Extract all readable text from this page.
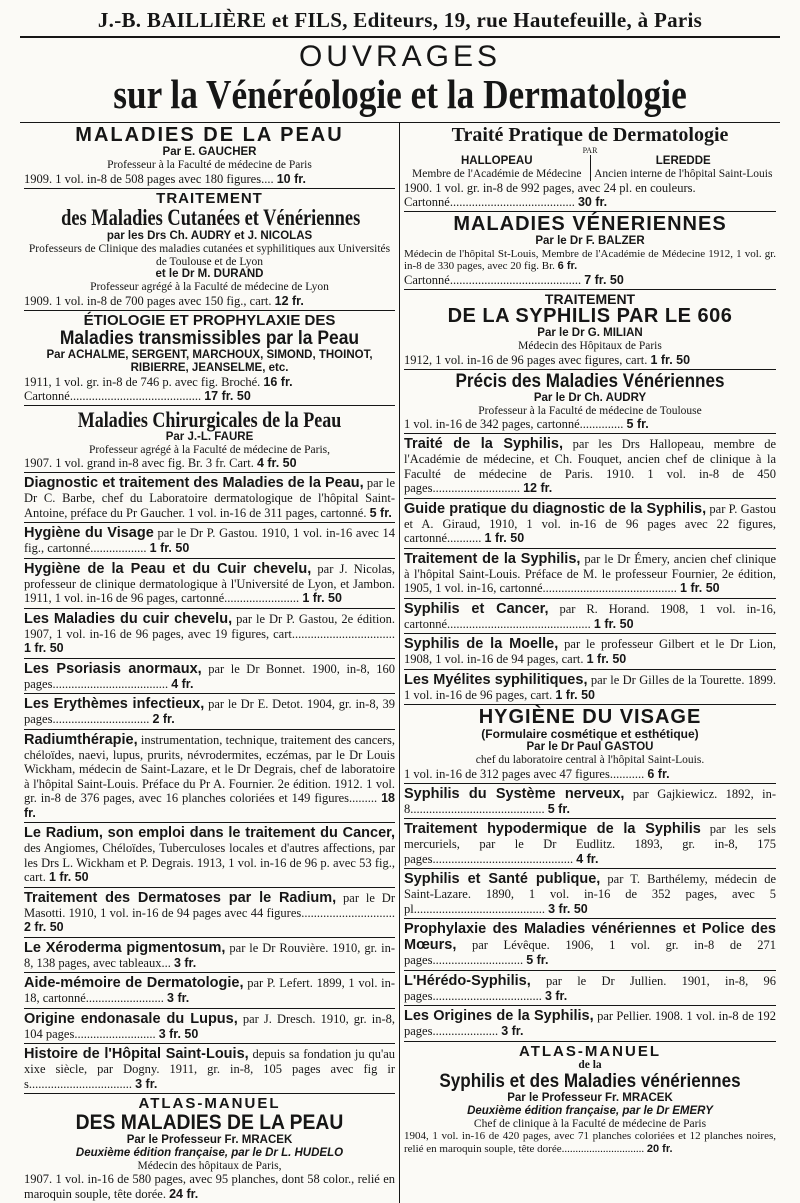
J.-B. BAILLIÈRE et FILS, Editeurs, 19, rue Hautefeuille, à Paris
OUVRAGES
sur la Vénéréologie et la Dermatologie
MALADIES DE LA PEAU
Par E. GAUCHER
Professeur à la Faculté de médecine de Paris
1909. 1 vol. in-8 de 508 pages avec 180 figures.... 10 fr.
TRAITEMENT
des Maladies Cutanées et Vénériennes
par les Drs Ch. AUDRY et J. NICOLAS
Professeurs de Clinique des maladies cutanées et syphilitiques aux Universités de Toulouse et de Lyon
et le Dr M. DURAND
Professeur agrégé à la Faculté de médecine de Lyon
1909. 1 vol. in-8 de 700 pages avec 150 fig., cart. 12 fr.
ÉTIOLOGIE ET PROPHYLAXIE DES
Maladies transmissibles par la Peau
Par ACHALME, SERGENT, MARCHOUX, SIMOND, THOINOT, RIBIERRE, JEANSELME, etc.
1911, 1 vol. gr. in-8 de 746 p. avec fig. Broché. 16 fr.
Cartonné.......................................... 17 fr. 50
Maladies Chirurgicales de la Peau
Par J.-L. FAURE
Professeur agrégé à la Faculté de médecine de Paris,
1907. 1 vol. grand in-8 avec fig. Br. 3 fr. Cart. 4 fr. 50
Diagnostic et traitement des Maladies de la Peau, par le Dr C. Barbe, chef du Laboratoire dermatologique de l'hôpital Saint-Antoine, préface du Pr Gaucher. 1 vol. in-16 de 311 pages, cartonné. 5 fr.
Hygiène du Visage par le Dr P. Gastou. 1910, 1 vol. in-16 avec 14 fig., cartonné.................. 1 fr. 50
Hygiène de la Peau et du Cuir chevelu, par J. Nicolas, professeur de clinique dermatologique à l'Université de Lyon, et Jambon. 1911, 1 vol. in-16 de 96 pages, cartonné........................ 1 fr. 50
Les Maladies du cuir chevelu, par le Dr P. Gastou, 2e édition. 1907, 1 vol. in-16 de 96 pages, avec 19 figures, cart................................. 1 fr. 50
Les Psoriasis anormaux, par le Dr Bonnet. 1900, in-8, 160 pages..................................... 4 fr.
Les Erythèmes infectieux, par le Dr E. Detot. 1904, gr. in-8, 39 pages............................... 2 fr.
Radiumthérapie, instrumentation, technique, traitement des cancers, chéloïdes, naevi, lupus, prurits, névrodermites, eczémas, par le Dr Louis Wickham, médecin de Saint-Lazare, et le Dr Degrais, chef de laboratoire à l'hôpital Saint-Louis. Préface du Pr A. Fournier. 2e édition. 1912. 1 vol. gr. in-8 de 376 pages, avec 16 planches coloriées et 149 figures......... 18 fr.
Le Radium, son emploi dans le traitement du Cancer, des Angiomes, Chéloïdes, Tuberculoses locales et d'autres affections, par les Drs L. Wickham et P. Degrais. 1913, 1 vol. in-16 de 96 p. avec 53 fig., cart. 1 fr. 50
Traitement des Dermatoses par le Radium, par le Dr Masotti. 1910, 1 vol. in-16 de 94 pages avec 44 figures.............................. 2 fr. 50
Le Xéroderma pigmentosum, par le Dr Rouvière. 1910, gr. in-8, 138 pages, avec tableaux... 3 fr.
Aide-mémoire de Dermatologie, par P. Lefert. 1899, 1 vol. in-18, cartonné......................... 3 fr.
Origine endonasale du Lupus, par J. Dresch. 1910, gr. in-8, 104 pages.......................... 3 fr. 50
Histoire de l'Hôpital Saint-Louis, depuis sa fondation ju qu'au xixe siècle, par Dogny. 1911, gr. in-8, 105 pages avec fig ir s................................. 3 fr.
ATLAS-MANUEL
DES MALADIES DE LA PEAU
Par le Professeur Fr. MRACEK
Deuxième édition française, par le Dr L. HUDELO
Médecin des hôpitaux de Paris,
1907. 1 vol. in-16 de 580 pages, avec 95 planches, dont 58 color., relié en maroquin souple, tête dorée. 24 fr.
Traité Pratique de Dermatologie
PAR
HALLOPEAU
Membre de l'Académie de Médecine
LEREDDE
Ancien interne de l'hôpital Saint-Louis
1900. 1 vol. gr. in-8 de 992 pages, avec 24 pl. en couleurs.
Cartonné........................................ 30 fr.
MALADIES VÉNERIENNES
Par le Dr F. BALZER
Médecin de l'hôpital St-Louis, Membre de l'Académie de Médecine 1912, 1 vol. gr. in-8 de 330 pages, avec 20 fig. Br. 6 fr.
Cartonné.......................................... 7 fr. 50
TRAITEMENT
DE LA SYPHILIS PAR LE 606
Par le Dr G. MILIAN
Médecin des Hôpitaux de Paris
1912, 1 vol. in-16 de 96 pages avec figures, cart. 1 fr. 50
Précis des Maladies Vénériennes
Par le Dr Ch. AUDRY
Professeur à la Faculté de médecine de Toulouse
1 vol. in-16 de 342 pages, cartonné.............. 5 fr.
Traité de la Syphilis, par les Drs Hallopeau, membre de l'Académie de médecine, et Ch. Fouquet, ancien chef de clinique à la Faculté de médecine de Paris. 1910. 1 vol. in-8 de 450 pages............................ 12 fr.
Guide pratique du diagnostic de la Syphilis, par P. Gastou et A. Giraud, 1910, 1 vol. in-16 de 96 pages avec 22 figures, cartonné........... 1 fr. 50
Traitement de la Syphilis, par le Dr Émery, ancien chef clinique à l'hôpital Saint-Louis. Préface de M. le professeur Fournier, 2e édition, 1905, 1 vol. in-16, cartonné........................................... 1 fr. 50
Syphilis et Cancer, par R. Horand. 1908, 1 vol. in-16, cartonné.............................................. 1 fr. 50
Syphilis de la Moelle, par le professeur Gilbert et le Dr Lion, 1908, 1 vol. in-16 de 94 pages, cart. 1 fr. 50
Les Myélites syphilitiques, par le Dr Gilles de la Tourette. 1899. 1 vol. in-16 de 96 pages, cart. 1 fr. 50
HYGIÈNE DU VISAGE
(Formulaire cosmétique et esthétique)
Par le Dr Paul GASTOU
chef du laboratoire central à l'hôpital Saint-Louis.
1 vol. in-16 de 312 pages avec 47 figures........... 6 fr.
Syphilis du Système nerveux, par Gajkiewicz. 1892, in-8........................................... 5 fr.
Traitement hypodermique de la Syphilis par les sels mercuriels, par le Dr Eudlitz. 1893, gr. in-8, 175 pages............................................. 4 fr.
Syphilis et Santé publique, par T. Barthélemy, médecin de Saint-Lazare. 1890, 1 vol. in-16 de 352 pages, avec 5 pl.......................................... 3 fr. 50
Prophylaxie des Maladies vénériennes et Police des Mœurs, par Lévêque. 1906, 1 vol. gr. in-8 de 271 pages............................. 5 fr.
L'Hérédo-Syphilis, par le Dr Jullien. 1901, in-8, 96 pages................................... 3 fr.
Les Origines de la Syphilis, par Pellier. 1908. 1 vol. in-8 de 192 pages..................... 3 fr.
ATLAS-MANUEL
de la
Syphilis et des Maladies vénériennes
Par le Professeur Fr. MRACEK
Deuxième édition française, par le Dr EMERY
Chef de clinique à la Faculté de médecine de Paris
1904, 1 vol. in-16 de 420 pages, avec 71 planches coloriées et 12 planches noires, relié en maroquin souple, tête dorée.............................. 20 fr.
